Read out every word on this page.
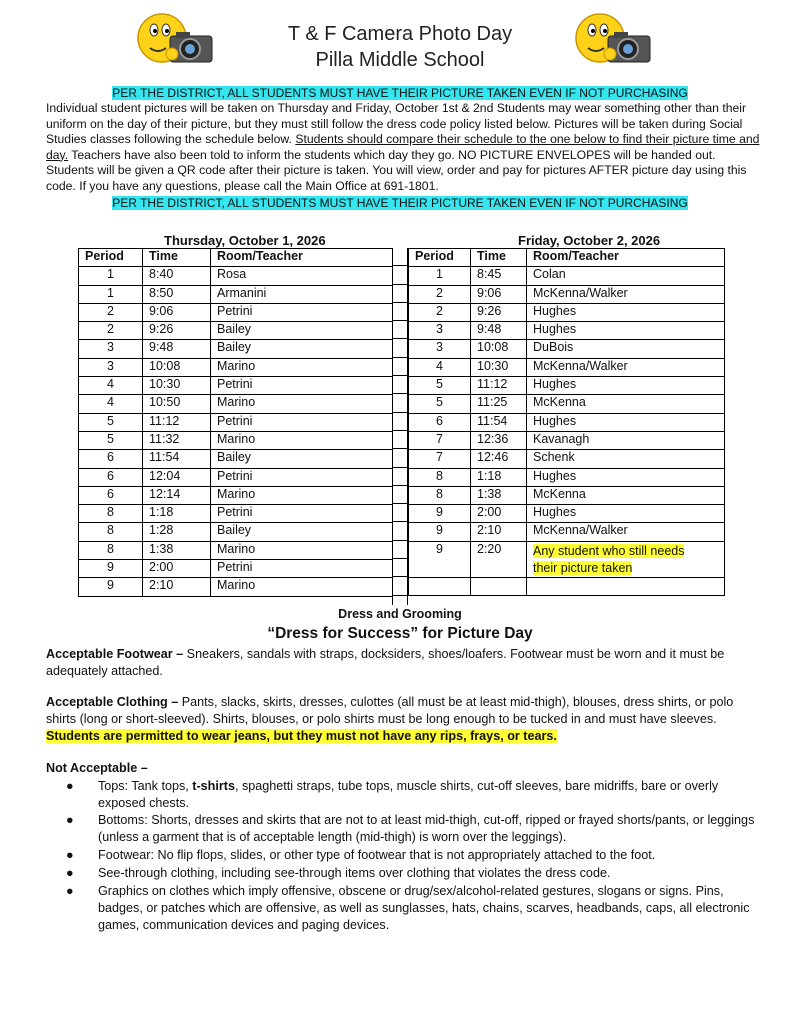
T & F Camera Photo Day
Pilla Middle School
PER THE DISTRICT, ALL STUDENTS MUST HAVE THEIR PICTURE TAKEN EVEN IF NOT PURCHASING
Individual student pictures will be taken on Thursday and Friday, October 1st & 2nd Students may wear something other than their uniform on the day of their picture, but they must still follow the dress code policy listed below. Pictures will be taken during Social Studies classes following the schedule below. Students should compare their schedule to the one below to find their picture time and day. Teachers have also been told to inform the students which day they go. NO PICTURE ENVELOPES will be handed out. Students will be given a QR code after their picture is taken. You will view, order and pay for pictures AFTER picture day using this code. If you have any questions, please call the Main Office at 691-1801.
PER THE DISTRICT, ALL STUDENTS MUST HAVE THEIR PICTURE TAKEN EVEN IF NOT PURCHASING
Thursday, October 1, 2026	Friday, October 2, 2026
Period	Time	Room/Teacher
1	8:40	Rosa
1	8:50	Armanini
2	9:06	Petrini
2	9:26	Bailey
3	9:48	Bailey
3	10:08	Marino
4	10:30	Petrini
4	10:50	Marino
5	11:12	Petrini
5	11:32	Marino
6	11:54	Bailey
6	12:04	Petrini
6	12:14	Marino
8	1:18	Petrini
8	1:28	Bailey
8	1:38	Marino
9	2:00	Petrini
9	2:10	Marino
Period	Time	Room/Teacher
1	8:45	Colan
2	9:06	McKenna/Walker
2	9:26	Hughes
3	9:48	Hughes
3	10:08	DuBois
4	10:30	McKenna/Walker
5	11:12	Hughes
5	11:25	McKenna
6	11:54	Hughes
7	12:36	Kavanagh
7	12:46	Schenk
8	1:18	Hughes
8	1:38	McKenna
9	2:00	Hughes
9	2:10	McKenna/Walker
9	2:20	Any student who still needs
their picture taken

Dress and Grooming
“Dress for Success” for Picture Day
Acceptable Footwear – Sneakers, sandals with straps, docksiders, shoes/loafers. Footwear must be worn and it must be adequately attached.
Acceptable Clothing – Pants, slacks, skirts, dresses, culottes (all must be at least mid-thigh), blouses, dress shirts, or polo shirts (long or short-sleeved). Shirts, blouses, or polo shirts must be long enough to be tucked in and must have sleeves.
Students are permitted to wear jeans, but they must not have any rips, frays, or tears.
Not Acceptable –
● Tops: Tank tops, t-shirts, spaghetti straps, tube tops, muscle shirts, cut-off sleeves, bare midriffs, bare or overly exposed chests.
● Bottoms: Shorts, dresses and skirts that are not to at least mid-thigh, cut-off, ripped or frayed shorts/pants, or leggings (unless a garment that is of acceptable length (mid-thigh) is worn over the leggings).
● Footwear: No flip flops, slides, or other type of footwear that is not appropriately attached to the foot.
● See-through clothing, including see-through items over clothing that violates the dress code.
● Graphics on clothes which imply offensive, obscene or drug/sex/alcohol-related gestures, slogans or signs. Pins, badges, or patches which are offensive, as well as sunglasses, hats, chains, scarves, headbands, caps, all electronic games, communication devices and paging devices.
